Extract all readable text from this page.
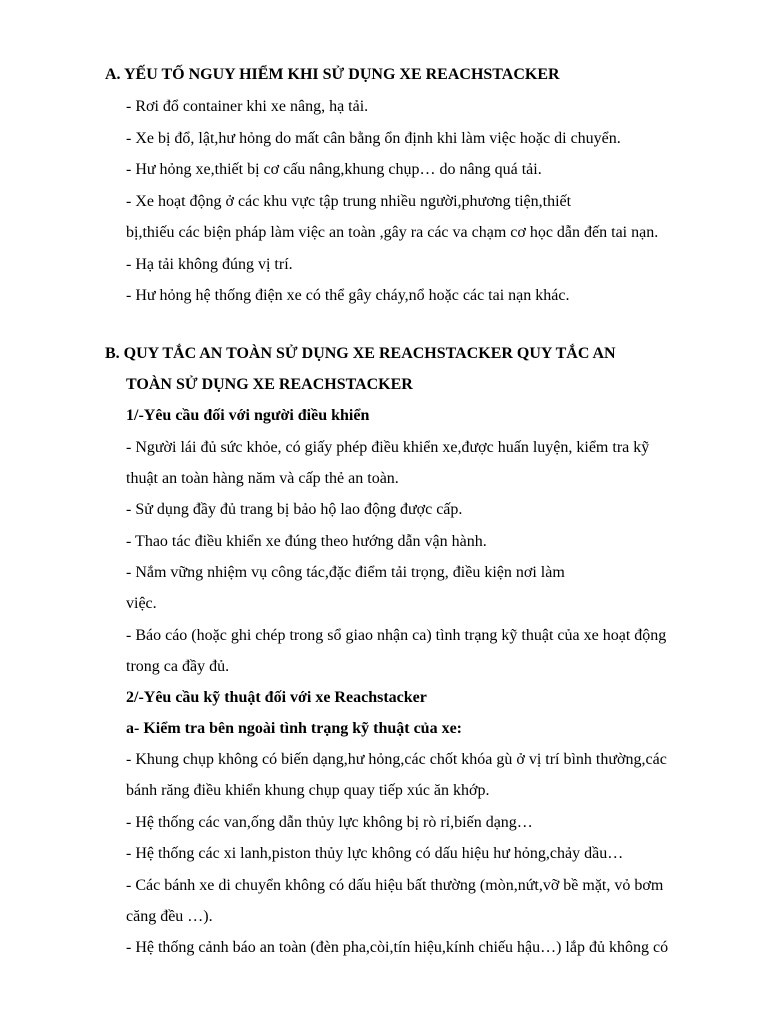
A. YẾU TỐ NGUY HIỂM KHI SỬ DỤNG XE REACHSTACKER
- Rơi đổ container khi xe nâng, hạ tải.
- Xe bị đổ, lật,hư hỏng do mất cân bằng ổn định khi làm việc hoặc di chuyển.
- Hư hỏng xe,thiết bị cơ cấu nâng,khung chụp… do nâng quá tải.
- Xe hoạt động ở các khu vực tập trung nhiều người,phương tiện,thiết
bị,thiếu các biện pháp làm việc an toàn ,gây ra các va chạm cơ học dẫn đến tai nạn.
- Hạ tải không đúng vị trí.
- Hư hỏng hệ thống điện xe có thể gây cháy,nổ hoặc các tai nạn khác.
B. QUY TẮC AN TOÀN SỬ DỤNG XE REACHSTACKER QUY TẮC AN
TOÀN SỬ DỤNG XE REACHSTACKER
1/-Yêu cầu đối với người điều khiển
- Người lái đủ sức khỏe, có giấy phép điều khiển xe,được huấn luyện, kiểm tra kỹ
thuật an toàn hàng năm và cấp thẻ an toàn.
- Sử dụng đầy đủ trang bị bảo hộ lao động được cấp.
- Thao tác điều khiển xe đúng theo hướng dẫn vận hành.
- Nắm vững nhiệm vụ công tác,đặc điểm tải trọng, điều kiện nơi làm
việc.
- Báo cáo (hoặc ghi chép trong sổ giao nhận ca) tình trạng kỹ thuật của xe hoạt động
trong ca đầy đủ.
2/-Yêu cầu kỹ thuật đối với xe Reachstacker
a- Kiểm tra bên ngoài tình trạng kỹ thuật của xe:
- Khung chụp không có biến dạng,hư hỏng,các chốt khóa gù ở vị trí bình thường,các
bánh răng điều khiển khung chụp quay tiếp xúc ăn khớp.
- Hệ thống các van,ống dẫn thủy lực không bị rò rỉ,biến dạng…
- Hệ thống các xi lanh,piston thủy lực không có dấu hiệu hư hỏng,chảy dầu…
- Các bánh xe di chuyển không có dấu hiệu bất thường (mòn,nứt,vỡ bề mặt, vỏ bơm
căng đều …).
- Hệ thống cảnh báo an toàn (đèn pha,còi,tín hiệu,kính chiếu hậu…) lắp đủ không có
